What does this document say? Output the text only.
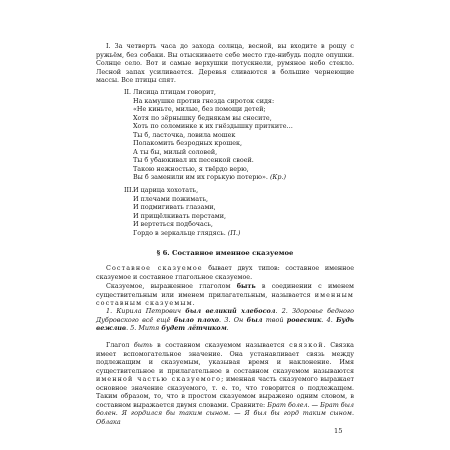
I. За четверть часа до захода солнца, весной, вы входите в рощу с ружьём, без собаки. Вы отыскиваете себе место где-нибудь подле опушки. Солнце село. Вот и самые верхушки потускнели, румяное небо стекло. Лесной запах усиливается. Деревья сливаются в большие чернеющие массы. Все птицы спят.

II. Лисица птицам говорит,
На камушке против гнезда сироток сидя:
«Не киньте, милые, без помощи детей;
Хотя по зёрнышку беднякам вы снесите,
Хоть по соломинке к их гнёздышку притките…
Ты б, ласточка, ловила мошек
Полакомить безродных крошек,
А ты бы, милый соловей,
Ты б убаюкивал их песенкой своей.
Такою нежностью, я твёрдо верю,
Вы б заменили им их горькую потерю». (Кр.)
III.И царица хохотать,
И плечами пожимать,
И подмигивать глазами,
И прищёлкивать перстами,
И вертеться подбочась,
Гордо в зеркальце глядясь. (П.)
§ 6. Составное именное сказуемое

Составное сказуемое бывает двух типов: составное именное сказуемое и составное глагольное сказуемое.

Сказуемое, выраженное глаголом быть в соединении с именем существительным или именем прилагательным, называется именным составным сказуемым.

1. Кирила Петрович был великий хлебосол. 2. Здоровье бедного Дубровского всё ещё было плохо. 3. Он был твой ровесник. 4. Будь вежлив. 5. Митя будет лётчиком.

Глагол быть в составном сказуемом называется связкой. Связка имеет вспомогательное значение. Она устанавливает связь между подлежащим и сказуемым, указывая время и наклонение. Имя существительное и прилагательное в составном сказуемом называются именной частью сказуемого; именная часть сказуемого выражает основное значение сказуемого, т. е. то, что говорится о подлежащем. Таким образом, то, что в простом сказуемом выражено одним словом, в составном выражается двумя словами. Сравните: Брат болел. — Брат был болен. Я гордился бы таким сыном. — Я был бы горд таким сыном. Облака

15
